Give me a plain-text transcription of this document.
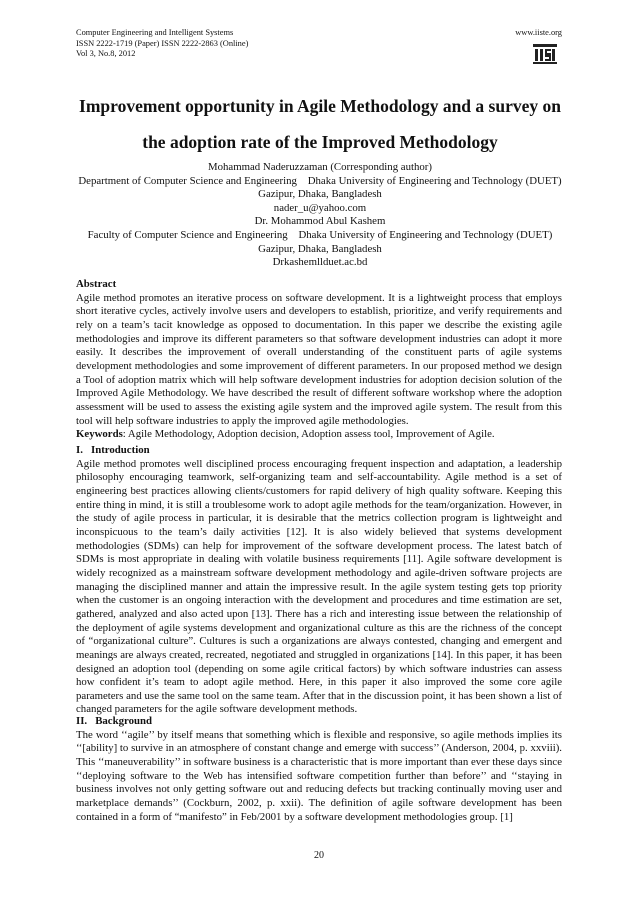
Computer Engineering and Intelligent Systems
ISSN 2222-1719 (Paper) ISSN 2222-2863 (Online)
Vol 3, No.8, 2012
www.iiste.org
Improvement opportunity in Agile Methodology and a survey on
the adoption rate of the Improved Methodology
Mohammad Naderuzzaman (Corresponding author)
Department of Computer Science and Engineering    Dhaka University of Engineering and Technology (DUET)
Gazipur, Dhaka, Bangladesh
nader_u@yahoo.com
Dr. Mohammod Abul Kashem
Faculty of Computer Science and Engineering    Dhaka University of Engineering and Technology (DUET)
Gazipur, Dhaka, Bangladesh
Drkashemllduet.ac.bd

Abstract

Agile method promotes an iterative process on software development. It is a lightweight process that employs short iterative cycles, actively involve users and developers to establish, prioritize, and verify requirements and rely on a team’s tacit knowledge as opposed to documentation. In this paper we describe the existing agile methodologies and improve its different parameters so that software development industries can adopt it more easily. It describes the improvement of overall understanding of the constituent parts of agile systems development methodologies and some improvement of different parameters. In our proposed method we design a Tool of adoption matrix which will help software development industries for adoption decision solution of the Improved Agile Methodology. We have described the result of different software workshop where the adoption assessment will be used to assess the existing agile system and the improved agile system. The result from this tool will help software industries to apply the improved agile methodologies.

Keywords: Agile Methodology, Adoption decision, Adoption assess tool, Improvement of Agile.

I.   Introduction

Agile method promotes well disciplined process encouraging frequent inspection and adaptation, a leadership philosophy encouraging teamwork, self-organizing team and self-accountability. Agile method is a set of engineering best practices allowing clients/customers for rapid delivery of high quality software. Keeping this entire thing in mind, it is still a troublesome work to adopt agile methods for the team/organization. However, in the study of agile process in particular, it is desirable that the metrics collection program is lightweight and inconspicuous to the team’s daily activities [12]. It is also widely believed that systems development methodologies (SDMs) can help for improvement of the software development process. The latest batch of SDMs is most appropriate in dealing with volatile business requirements [11]. Agile software development is widely recognized as a mainstream software development methodology and agile-driven software projects are managing the disciplined manner and attain the impressive result. In the agile system testing gets top priority when the customer is an ongoing interaction with the development and procedures and time estimation are set, gathered, analyzed and also acted upon [13]. There has a rich and interesting issue between the relationship of the deployment of agile systems development and organizational culture as this are the richness of the concept of “organizational culture”. Cultures is such a organizations are always contested, changing and emergent and meanings are always created, recreated, negotiated and struggled in organizations [14]. In this paper, it has been designed an adoption tool (depending on some agile critical factors) by which software industries can assess how confident it’s team to adopt agile method. Here, in this paper it also improved the some core agile parameters and use the same tool on the same team. After that in the discussion point, it has been shown a list of changed parameters for the agile software development methods.

II.   Background

The word ‘‘agile’’ by itself means that something which is flexible and responsive, so agile methods implies its ‘‘[ability] to survive in an atmosphere of constant change and emerge with success’’ (Anderson, 2004, p. xxviii). This ‘‘maneuverability’’ in software business is a characteristic that is more important than ever these days since ‘‘deploying software to the Web has intensified software competition further than before’’ and ‘‘staying in business involves not only getting software out and reducing defects but tracking continually moving user and marketplace demands’’ (Cockburn, 2002, p. xxii). The definition of agile software development has been contained in a form of “manifesto” in Feb/2001 by a software development methodologies group. [1]

20
